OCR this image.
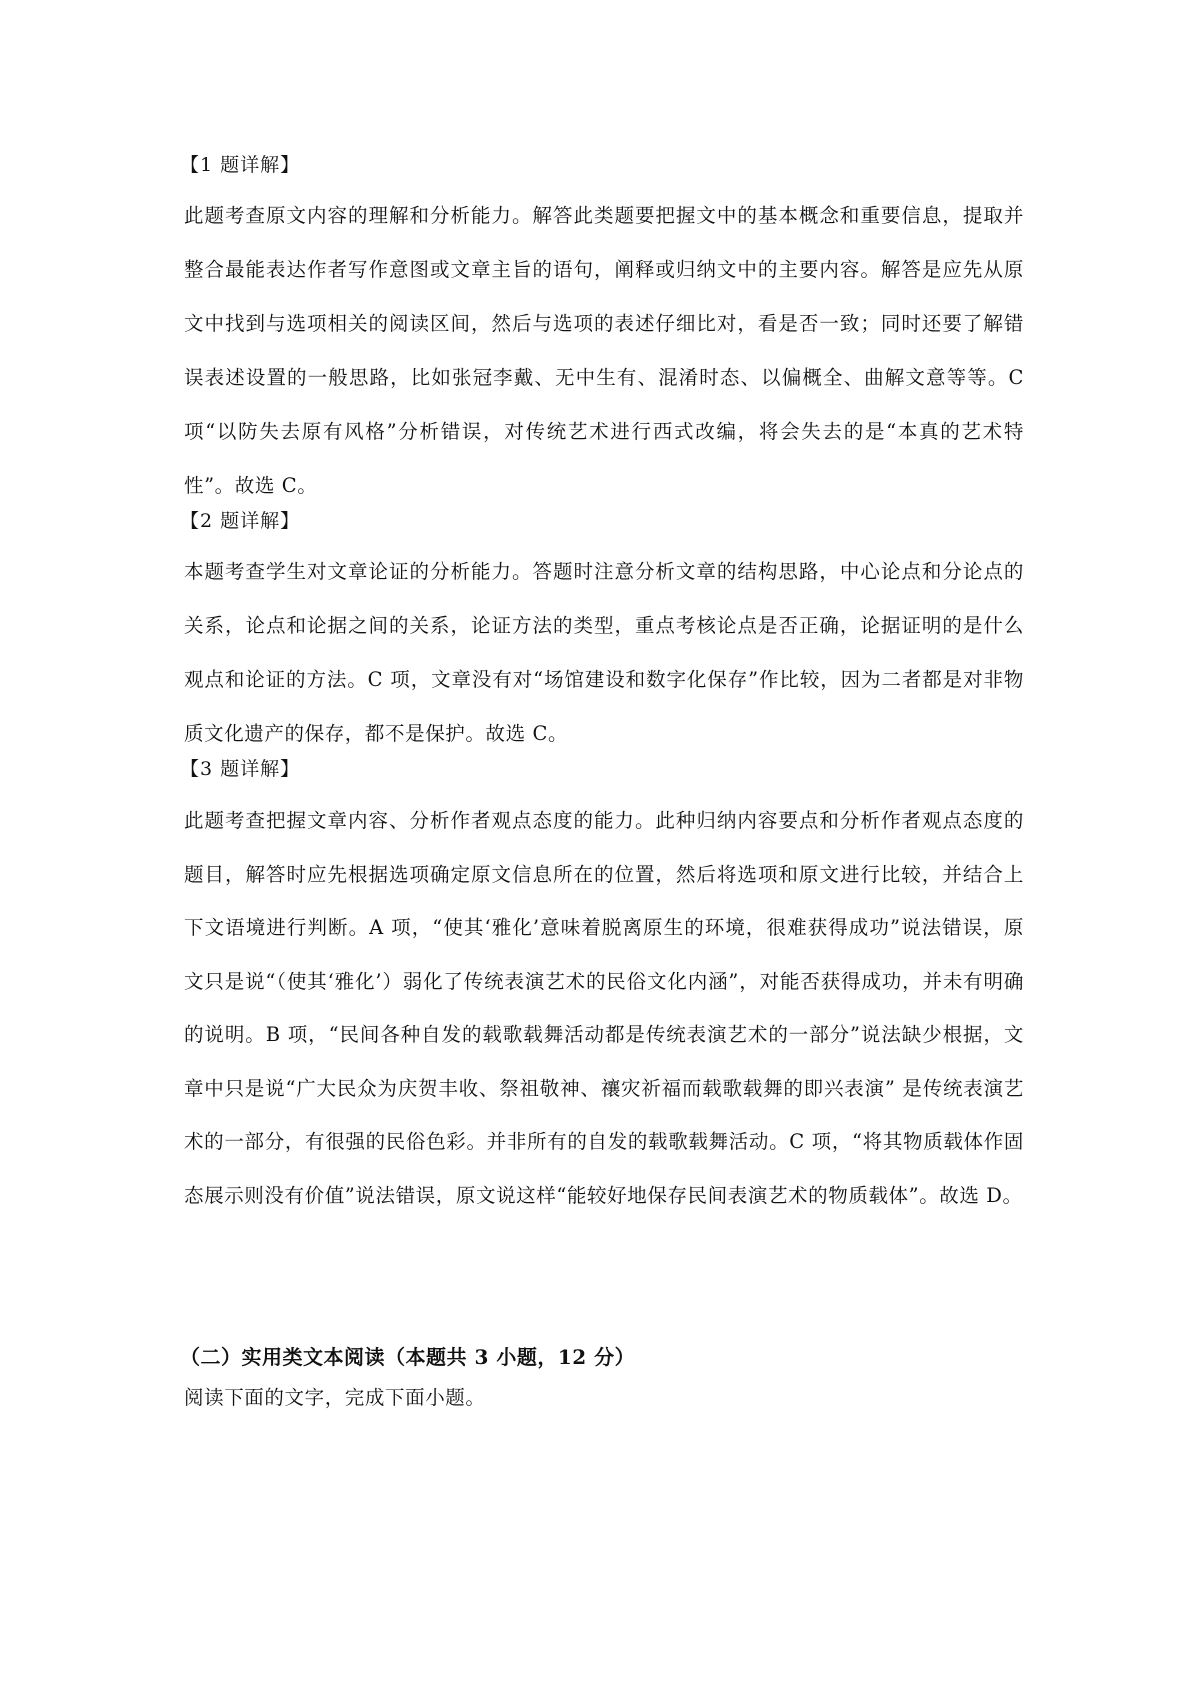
【1 题详解】
此题考查原文内容的理解和分析能力。解答此类题要把握文中的基本概念和重要信息，提取并整合最能表达作者写作意图或文章主旨的语句，阐释或归纳文中的主要内容。解答是应先从原文中找到与选项相关的阅读区间，然后与选项的表述仔细比对，看是否一致；同时还要了解错误表述设置的一般思路，比如张冠李戴、无中生有、混淆时态、以偏概全、曲解文意等等。C 项“以防失去原有风格”分析错误，对传统艺术进行西式改编，将会失去的是“本真的艺术特性”。故选 C。
【2 题详解】
本题考查学生对文章论证的分析能力。答题时注意分析文章的结构思路，中心论点和分论点的关系，论点和论据之间的关系，论证方法的类型，重点考核论点是否正确，论据证明的是什么观点和论证的方法。C 项，文章没有对“场馆建设和数字化保存”作比较，因为二者都是对非物质文化遗产的保存，都不是保护。故选 C。
【3 题详解】
此题考查把握文章内容、分析作者观点态度的能力。此种归纳内容要点和分析作者观点态度的题目，解答时应先根据选项确定原文信息所在的位置，然后将选项和原文进行比较，并结合上下文语境进行判断。A 项，“使其‘雅化’意味着脱离原生的环境，很难获得成功”说法错误，原文只是说“（使其‘雅化’）弱化了传统表演艺术的民俗文化内涵”，对能否获得成功，并未有明确的说明。B 项，“民间各种自发的载歌载舞活动都是传统表演艺术的一部分”说法缺少根据，文章中只是说“广大民众为庆贺丰收、祭祖敬神、禳灾祈福而载歌载舞的即兴表演” 是传统表演艺术的一部分，有很强的民俗色彩。并非所有的自发的载歌载舞活动。C 项，“将其物质载体作固态展示则没有价值”说法错误，原文说这样“能较好地保存民间表演艺术的物质载体”。故选 D。
（二）实用类文本阅读（本题共 3 小题，12 分）
阅读下面的文字，完成下面小题。
